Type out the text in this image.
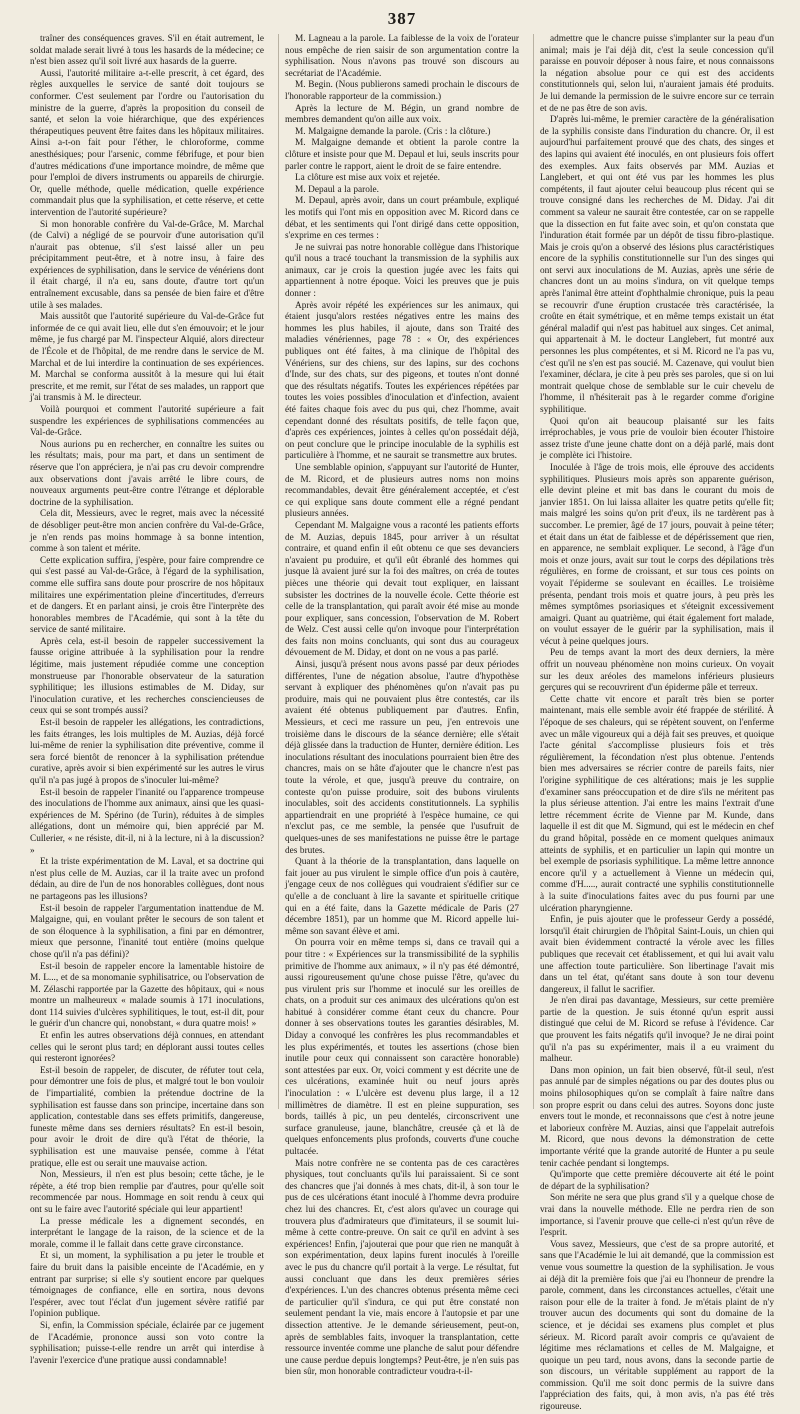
387

traîner des conséquences graves. S'il en était autrement, le soldat malade serait livré à tous les hasards de la médecine; ce n'est bien assez qu'il soit livré aux hasards de la guerre.

Aussi, l'autorité militaire a-t-elle prescrit, à cet égard, des règles auxquelles le service de santé doit toujours se conformer. C'est seulement par l'ordre ou l'autorisation du ministre de la guerre, d'après la proposition du conseil de santé, et selon la voie hiérarchique, que des expériences thérapeutiques peuvent être faites dans les hôpitaux militaires. Ainsi a-t-on fait pour l'éther, le chloroforme, comme anesthésiques; pour l'arsenic, comme fébrifuge, et pour bien d'autres médications d'une importance moindre, de même que pour l'emploi de divers instruments ou appareils de chirurgie. Or, quelle méthode, quelle médication, quelle expérience commandait plus que la syphilisation, et cette réserve, et cette intervention de l'autorité supérieure?

Si mon honorable confrère du Val-de-Grâce, M. Marchal (de Calvi) a négligé de se pourvoir d'une autorisation qu'il n'aurait pas obtenue, s'il s'est laissé aller un peu précipitamment peut-être, et à notre insu, à faire des expériences de syphilisation, dans le service de vénériens dont il était chargé, il n'a eu, sans doute, d'autre tort qu'un entraînement excusable, dans sa pensée de bien faire et d'être utile à ses malades.

Mais aussitôt que l'autorité supérieure du Val-de-Grâce fut informée de ce qui avait lieu, elle dut s'en émouvoir; et le jour même, je fus chargé par M. l'inspecteur Alquié, alors directeur de l'École et de l'hôpital, de me rendre dans le service de M. Marchal et de lui interdire la continuation de ses expériences. M. Marchal se conforma aussitôt à la mesure qui lui était prescrite, et me remit, sur l'état de ses malades, un rapport que j'ai transmis à M. le directeur.

Voilà pourquoi et comment l'autorité supérieure a fait suspendre les expériences de syphilisations commencées au Val-de-Grâce.

Nous aurions pu en rechercher, en connaître les suites ou les résultats; mais, pour ma part, et dans un sentiment de réserve que l'on appréciera, je n'ai pas cru devoir comprendre aux observations dont j'avais arrêté le libre cours, de nouveaux arguments peut-être contre l'étrange et déplorable doctrine de la syphilisation.

Cela dit, Messieurs, avec le regret, mais avec la nécessité de désobliger peut-être mon ancien confrère du Val-de-Grâce, je n'en rends pas moins hommage à sa bonne intention, comme à son talent et mérite.

Cette explication suffira, j'espère, pour faire comprendre ce qui s'est passé au Val-de-Grâce, à l'égard de la syphilisation, comme elle suffira sans doute pour proscrire de nos hôpitaux militaires une expérimentation pleine d'incertitudes, d'erreurs et de dangers. Et en parlant ainsi, je crois être l'interprète des honorables membres de l'Académie, qui sont à la tête du service de santé militaire.

Après cela, est-il besoin de rappeler successivement la fausse origine attribuée à la syphilisation pour la rendre légitime, mais justement répudiée comme une conception monstrueuse par l'honorable observateur de la saturation syphilitique; les illusions estimables de M. Diday, sur l'inoculation curative, et les recherches consciencieuses de ceux qui se sont trompés aussi?

Est-il besoin de rappeler les allégations, les contradictions, les faits étranges, les lois multiples de M. Auzias, déjà forcé lui-même de renier la syphilisation dite préventive, comme il sera forcé bientôt de renoncer à la syphilisation prétendue curative, après avoir si bien expérimenté sur les autres le virus qu'il n'a pas jugé à propos de s'inoculer lui-même?

Est-il besoin de rappeler l'inanité ou l'apparence trompeuse des inoculations de l'homme aux animaux, ainsi que les quasi-expériences de M. Spérino (de Turin), réduites à de simples allégations, dont un mémoire qui, bien apprécié par M. Cullerier, « ne résiste, dit-il, ni à la lecture, ni à la discussion? »

Et la triste expérimentation de M. Laval, et sa doctrine qui n'est plus celle de M. Auzias, car il la traite avec un profond dédain, au dire de l'un de nos honorables collègues, dont nous ne partageons pas les illusions?

Est-il besoin de rappeler l'argumentation inattendue de M. Malgaigne, qui, en voulant prêter le secours de son talent et de son éloquence à la syphilisation, a fini par en démontrer, mieux que personne, l'inanité tout entière (moins quelque chose qu'il n'a pas défini)?

Est-il besoin de rappeler encore la lamentable histoire de M. L..., et de sa monomanie syphilisatrice, ou l'observation de M. Zélaschi rapportée par la Gazette des hôpitaux, qui « nous montre un malheureux « malade soumis à 171 inoculations, dont 114 suivies d'ulcères syphilitiques, le tout, est-il dit, pour le guérir d'un chancre qui, nonobstant, « dura quatre mois! »

Et enfin les autres observations déjà connues, en attendant celles qui le seront plus tard; en déplorant aussi toutes celles qui resteront ignorées?

Est-il besoin de rappeler, de discuter, de réfuter tout cela, pour démontrer une fois de plus, et malgré tout le bon vouloir de l'impartialité, combien la prétendue doctrine de la syphilisation est fausse dans son principe, incertaine dans son application, contestable dans ses effets primitifs, dangereuse, funeste même dans ses derniers résultats? En est-il besoin, pour avoir le droit de dire qu'à l'état de théorie, la syphilisation est une mauvaise pensée, comme à l'état pratique, elle est ou serait une mauvaise action.

Non, Messieurs, il n'en est plus besoin; cette tâche, je le répète, a été trop bien remplie par d'autres, pour qu'elle soit recommencée par nous. Hommage en soit rendu à ceux qui ont su le faire avec l'autorité spéciale qui leur appartient!

La presse médicale les a dignement secondés, en interprétant le langage de la raison, de la science et de la morale, comme il le fallait dans cette grave circonstance.

Et si, un moment, la syphilisation a pu jeter le trouble et faire du bruit dans la paisible enceinte de l'Académie, en y entrant par surprise; si elle s'y soutient encore par quelques témoignages de confiance, elle en sortira, nous devons l'espérer, avec tout l'éclat d'un jugement sévère ratifié par l'opinion publique.

Si, enfin, la Commission spéciale, éclairée par ce jugement de l'Académie, prononce aussi son voto contre la syphilisation; puisse-t-elle rendre un arrêt qui interdise à l'avenir l'exercice d'une pratique aussi condamnable!

M. Lagneau a la parole. La faiblesse de la voix de l'orateur nous empêche de rien saisir de son argumentation contre la syphilisation. Nous n'avons pas trouvé son discours au secrétariat de l'Académie.

M. Begin. (Nous publierons samedi prochain le discours de l'honorable rapporteur de la commission.)

Après la lecture de M. Bégin, un grand nombre de membres demandent qu'on aille aux voix.

M. Malgaigne demande la parole. (Cris : la clôture.)

M. Malgaigne demande et obtient la parole contre la clôture et insiste pour que M. Depaul et lui, seuls inscrits pour parler contre le rapport, aient le droit de se faire entendre.

La clôture est mise aux voix et rejetée.

M. Depaul a la parole.

M. Depaul, après avoir, dans un court préambule, expliqué les motifs qui l'ont mis en opposition avec M. Ricord dans ce débat, et les sentiments qui l'ont dirigé dans cette opposition, s'exprime en ces termes :

Je ne suivrai pas notre honorable collègue dans l'historique qu'il nous a tracé touchant la transmission de la syphilis aux animaux, car je crois la question jugée avec les faits qui appartiennent à notre époque. Voici les preuves que je puis donner :

Après avoir répété les expériences sur les animaux, qui étaient jusqu'alors restées négatives entre les mains des hommes les plus habiles, il ajoute, dans son Traité des maladies vénériennes, page 78 : « Or, des expériences publiques ont été faites, à ma clinique de l'hôpital des Vénériens, sur des chiens, sur des lapins, sur des cochons d'Inde, sur des chats, sur des pigeons, et toutes n'ont donné que des résultats négatifs. Toutes les expériences répétées par toutes les voies possibles d'inoculation et d'infection, avaient été faites chaque fois avec du pus qui, chez l'homme, avait cependant donné des résultats positifs, de telle façon que, d'après ces expériences, jointes à celles qu'on possédait déjà, on peut conclure que le principe inoculable de la syphilis est particulière à l'homme, et ne saurait se transmettre aux brutes.

Une semblable opinion, s'appuyant sur l'autorité de Hunter, de M. Ricord, et de plusieurs autres noms non moins recommandables, devait être généralement acceptée, et c'est ce qui explique sans doute comment elle a régné pendant plusieurs années.

Cependant M. Malgaigne vous a raconté les patients efforts de M. Auzias, depuis 1845, pour arriver à un résultat contraire, et quand enfin il eût obtenu ce que ses devanciers n'avaient pu produire, et qu'il eût ébranlé des hommes qui jusque là avaient juré sur la foi des maîtres, on créa de toutes pièces une théorie qui devait tout expliquer, en laissant subsister les doctrines de la nouvelle école. Cette théorie est celle de la transplantation, qui paraît avoir été mise au monde pour expliquer, sans concession, l'observation de M. Robert de Welz. C'est aussi celle qu'on invoque pour l'interprétation des faits non moins concluants, qui sont dus au courageux dévouement de M. Diday, et dont on ne vous a pas parlé.

Ainsi, jusqu'à présent nous avons passé par deux périodes différentes, l'une de négation absolue, l'autre d'hypothèse servant à expliquer des phénomènes qu'on n'avait pas pu produire, mais qui ne pouvaient plus être contestés, car ils avaient été obtenus publiquement par d'autres. Enfin, Messieurs, et ceci me rassure un peu, j'en entrevois une troisième dans le discours de la séance dernière; elle s'était déjà glissée dans la traduction de Hunter, dernière édition. Les inoculations résultant des inoculations pourraient bien être des chancres, mais on se hâte d'ajouter que le chancre n'est pas toute la vérole, et que, jusqu'à preuve du contraire, on conteste qu'on puisse produire, soit des bubons virulents inoculables, soit des accidents constitutionnels. La syphilis appartiendrait en une propriété à l'espèce humaine, ce qui n'exclut pas, ce me semble, la pensée que l'usufruit de quelques-unes de ses manifestations ne puisse être le partage des brutes.

Quant à la théorie de la transplantation, dans laquelle on fait jouer au pus virulent le simple office d'un pois à cautère, j'engage ceux de nos collègues qui voudraient s'édifier sur ce qu'elle a de concluant à lire la savante et spirituelle critique qui en a été faite, dans la Gazette médicale de Paris (27 décembre 1851), par un homme que M. Ricord appelle lui-même son savant élève et ami.

On pourra voir en même temps si, dans ce travail qui a pour titre : « Expériences sur la transmissibilité de la syphilis primitive de l'homme aux animaux, » il n'y pas été démontré, aussi rigoureusement qu'une chose puisse l'être, qu'avec du pus virulent pris sur l'homme et inoculé sur les oreilles de chats, on a produit sur ces animaux des ulcérations qu'on est habitué à considérer comme étant ceux du chancre. Pour donner à ses observations toutes les garanties désirables, M. Diday a convoqué les confrères les plus recommandables et les plus expérimentés, et toutes les assertions (chose bien inutile pour ceux qui connaissent son caractère honorable) sont attestées par eux. Or, voici comment y est décrite une de ces ulcérations, examinée huit ou neuf jours après l'inoculation : « L'ulcère est devenu plus large, il a 12 millimètres de diamètre. Il est en pleine suppuration, ses bords, taillés à pic, un peu dentelés, circonscrivent une surface granuleuse, jaune, blanchâtre, creusée çà et là de quelques enfoncements plus profonds, couverts d'une couche pultacée.

Mais notre confrère ne se contenta pas de ces caractères physiques, tout concluants qu'ils lui paraissaient. Si ce sont des chancres que j'ai donnés à mes chats, dit-il, à son tour le pus de ces ulcérations étant inoculé à l'homme devra produire chez lui des chancres. Et, c'est alors qu'avec un courage qui trouvera plus d'admirateurs que d'imitateurs, il se soumit lui-même à cette contre-preuve. On sait ce qu'il en advint à ses expériences! Enfin, j'ajouterai que pour que rien ne manquât à son expérimentation, deux lapins furent inoculés à l'oreille avec le pus du chancre qu'il portait à la verge. Le résultat, fut aussi concluant que dans les deux premières séries d'expériences. L'un des chancres obtenus présenta même ceci de particulier qu'il s'indura, ce qui put être constaté non seulement pendant la vie, mais encore à l'autopsie et par une dissection attentive. Je le demande sérieusement, peut-on, après de semblables faits, invoquer la transplantation, cette ressource inventée comme une planche de salut pour défendre une cause perdue depuis longtemps? Peut-être, je n'en suis pas bien sûr, mon honorable contradicteur voudra-t-il-

admettre que le chancre puisse s'implanter sur la peau d'un animal; mais je l'ai déjà dit, c'est la seule concession qu'il paraisse en pouvoir déposer à nous faire, et nous connaissons la négation absolue pour ce qui est des accidents constitutionnels qui, selon lui, n'auraient jamais été produits. Je lui demande la permission de le suivre encore sur ce terrain et de ne pas être de son avis.

D'après lui-même, le premier caractère de la généralisation de la syphilis consiste dans l'induration du chancre. Or, il est aujourd'hui parfaitement prouvé que des chats, des singes et des lapins qui avaient été inoculés, en ont plusieurs fois offert des exemples. Aux faits observés par MM. Auzias et Langlebert, et qui ont été vus par les hommes les plus compétents, il faut ajouter celui beaucoup plus récent qui se trouve consigné dans les recherches de M. Diday. J'ai dit comment sa valeur ne saurait être contestée, car on se rappelle que la dissection en fut faite avec soin, et qu'on constata que l'induration était formée par un dépôt de tissu fibro-plastique. Mais je crois qu'on a observé des lésions plus caractéristiques encore de la syphilis constitutionnelle sur l'un des singes qui ont servi aux inoculations de M. Auzias, après une série de chancres dont un au moins s'indura, on vit quelque temps après l'animal être atteint d'ophthalmie chronique, puis la peau se recouvrir d'une éruption crustacée très caractérisée, la croûte en était symétrique, et en même temps existait un état général maladif qui n'est pas habituel aux singes. Cet animal, qui appartenait à M. le docteur Langlebert, fut montré aux personnes les plus compétentes, et si M. Ricord ne l'a pas vu, c'est qu'il ne s'en est pas soucié. M. Cazenave, qui voulut bien l'examiner, déclara, je cite à peu près ses paroles, que si on lui montrait quelque chose de semblable sur le cuir chevelu de l'homme, il n'hésiterait pas à le regarder comme d'origine syphilitique.

Quoi qu'on ait beaucoup plaisanté sur les faits irréprochables, je vous prie de vouloir bien écouter l'histoire assez triste d'une jeune chatte dont on a déjà parlé, mais dont je complète ici l'histoire.

Inoculée à l'âge de trois mois, elle éprouve des accidents syphilitiques. Plusieurs mois après son apparente guérison, elle devint pleine et mit bas dans le courant du mois de janvier 1851. On lui laissa allaiter les quatre petits qu'elle fit; mais malgré les soins qu'on prit d'eux, ils ne tardèrent pas à succomber. Le premier, âgé de 17 jours, pouvait à peine téter; et était dans un état de faiblesse et de dépérissement que rien, en apparence, ne semblait expliquer. Le second, à l'âge d'un mois et onze jours, avait sur tout le corps des dépilations très régulières, en forme de croissant, et sur tous ces points on voyait l'épiderme se soulevant en écailles. Le troisième présenta, pendant trois mois et quatre jours, à peu près les mêmes symptômes psoriasiques et s'éteignit excessivement amaigri. Quant au quatrième, qui était également fort malade, on voulut essayer de le guérir par la syphilisation, mais il vécut à peine quelques jours.

Peu de temps avant la mort des deux derniers, la mère offrit un nouveau phénomène non moins curieux. On voyait sur les deux aréoles des mamelons inférieurs plusieurs gerçures qui se recouvrirent d'un épiderme pâle et terreux.

Cette chatte vit encore et paraît très bien se porter maintenant, mais elle semble avoir été frappée de stérilité. À l'époque de ses chaleurs, qui se répètent souvent, on l'enferme avec un mâle vigoureux qui a déjà fait ses preuves, et quoique l'acte génital s'accomplisse plusieurs fois et très régulièrement, la fécondation n'est plus obtenue. J'entends bien mes adversaires se récrier contre de pareils faits, nier l'origine syphilitique de ces altérations; mais je les supplie d'examiner sans préoccupation et de dire s'ils ne méritent pas la plus sérieuse attention. J'ai entre les mains l'extrait d'une lettre récemment écrite de Vienne par M. Kunde, dans laquelle il est dit que M. Sigmund, qui est le médecin en chef du grand hôpital, possède en ce moment quelques animaux atteints de syphilis, et en particulier un lapin qui montre un bel exemple de psoriasis syphilitique. La même lettre annonce encore qu'il y a actuellement à Vienne un médecin qui, comme d'H....., aurait contracté une syphilis constitutionnelle à la suite d'inoculations faites avec du pus fourni par une ulcération pharyngienne.

Enfin, je puis ajouter que le professeur Gerdy a possédé, lorsqu'il était chirurgien de l'hôpital Saint-Louis, un chien qui avait bien évidemment contracté la vérole avec les filles publiques que recevait cet établissement, et qui lui avait valu une affection toute particulière. Son libertinage l'avait mis dans un tel état, qu'étant sans doute à son tour devenu dangereux, il fallut le sacrifier.

Je n'en dirai pas davantage, Messieurs, sur cette première partie de la question. Je suis étonné qu'un esprit aussi distingué que celui de M. Ricord se refuse à l'évidence. Car que prouvent les faits négatifs qu'il invoque? Je ne dirai point qu'il n'a pas su expérimenter, mais il a eu vraiment du malheur.

Dans mon opinion, un fait bien observé, fût-il seul, n'est pas annulé par de simples négations ou par des doutes plus ou moins philosophiques qu'on se complaît à faire naître dans son propre esprit ou dans celui des autres. Soyons donc juste envers tout le monde, et reconnaissons que c'est à notre jeune et laborieux confrère M. Auzias, ainsi que l'appelait autrefois M. Ricord, que nous devons la démonstration de cette importante vérité que la grande autorité de Hunter a pu seule tenir cachée pendant si longtemps.

Qu'importe que cette première découverte ait été le point de départ de la syphilisation?

Son mérite ne sera que plus grand s'il y a quelque chose de vrai dans la nouvelle méthode. Elle ne perdra rien de son importance, si l'avenir prouve que celle-ci n'est qu'un rêve de l'esprit.

Vous savez, Messieurs, que c'est de sa propre autorité, et sans que l'Académie le lui ait demandé, que la commission est venue vous soumettre la question de la syphilisation. Je vous ai déjà dit la première fois que j'ai eu l'honneur de prendre la parole, comment, dans les circonstances actuelles, c'était une raison pour elle de la traiter à fond. Je m'étais plaint de n'y trouver aucun des documents qui sont du domaine de la science, et je décidai ses examens plus complet et plus sérieux. M. Ricord paraît avoir compris ce qu'avaient de légitime mes réclamations et celles de M. Malgaigne, et quoique un peu tard, nous avons, dans la seconde partie de son discours, un véritable supplément au rapport de la commission. Qu'il me soit donc permis de la suivre dans l'appréciation des faits, qui, à mon avis, n'a pas été très rigoureuse.
